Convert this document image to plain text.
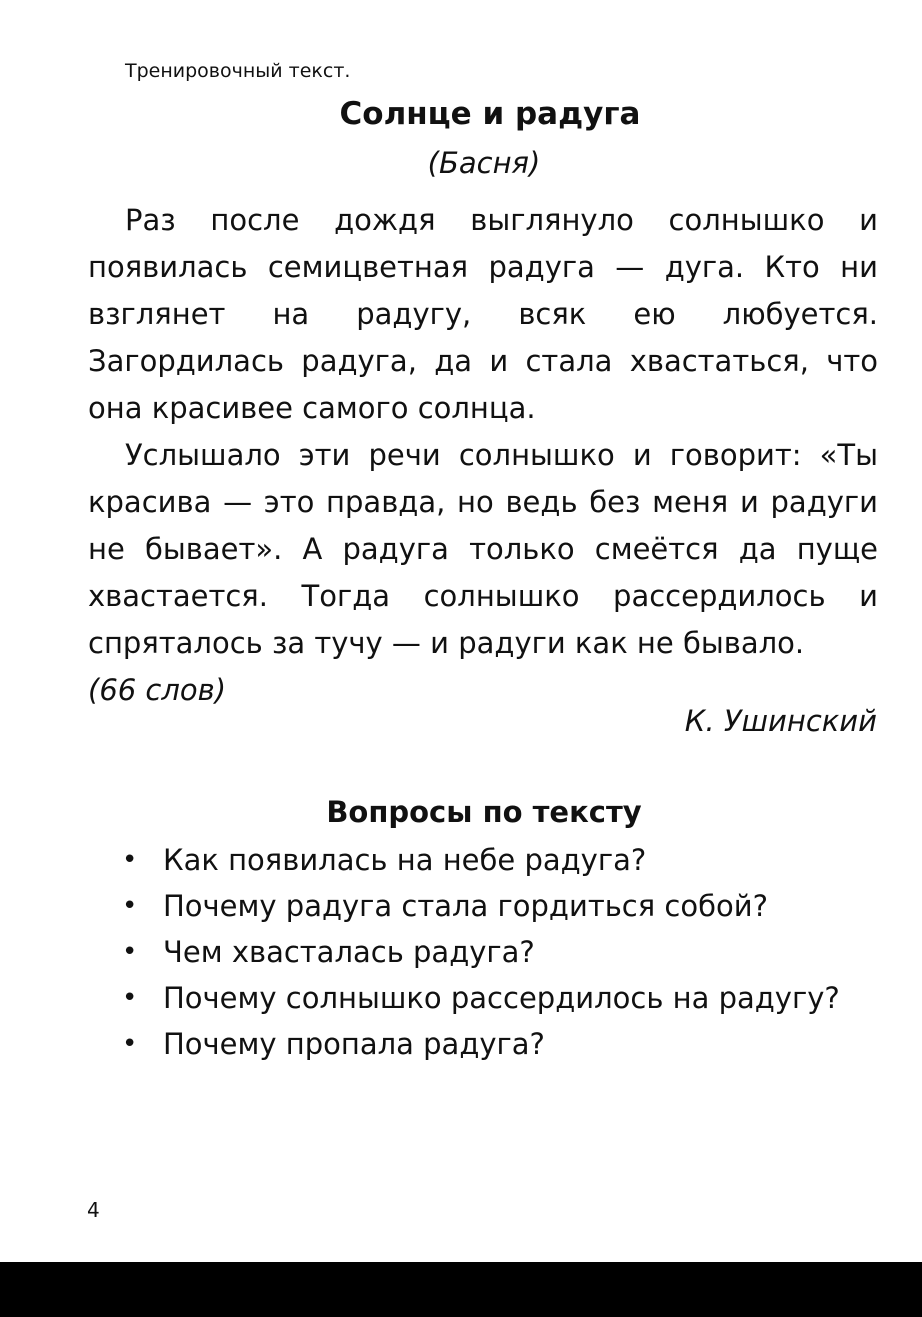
Тренировочный текст.
Солнце и радуга
(Басня)

Раз после дождя выглянуло солнышко и появилась семицветная радуга — дуга. Кто ни взглянет на радугу, всяк ею любуется. Загордилась радуга, да и стала хвастаться, что она красивее самого солнца.

Услышало эти речи солнышко и говорит: «Ты красива — это правда, но ведь без меня и радуги не бывает». А радуга только смеётся да пуще хвастается. Тогда солнышко рассердилось и спряталось за тучу — и радуги как не бывало.

(66 слов)
К. Ушинский
Вопросы по тексту
• Как появилась на небе радуга?
• Почему радуга стала гордиться собой?
• Чем хвасталась радуга?
• Почему солнышко рассердилось на радугу?
• Почему пропала радуга?
4
